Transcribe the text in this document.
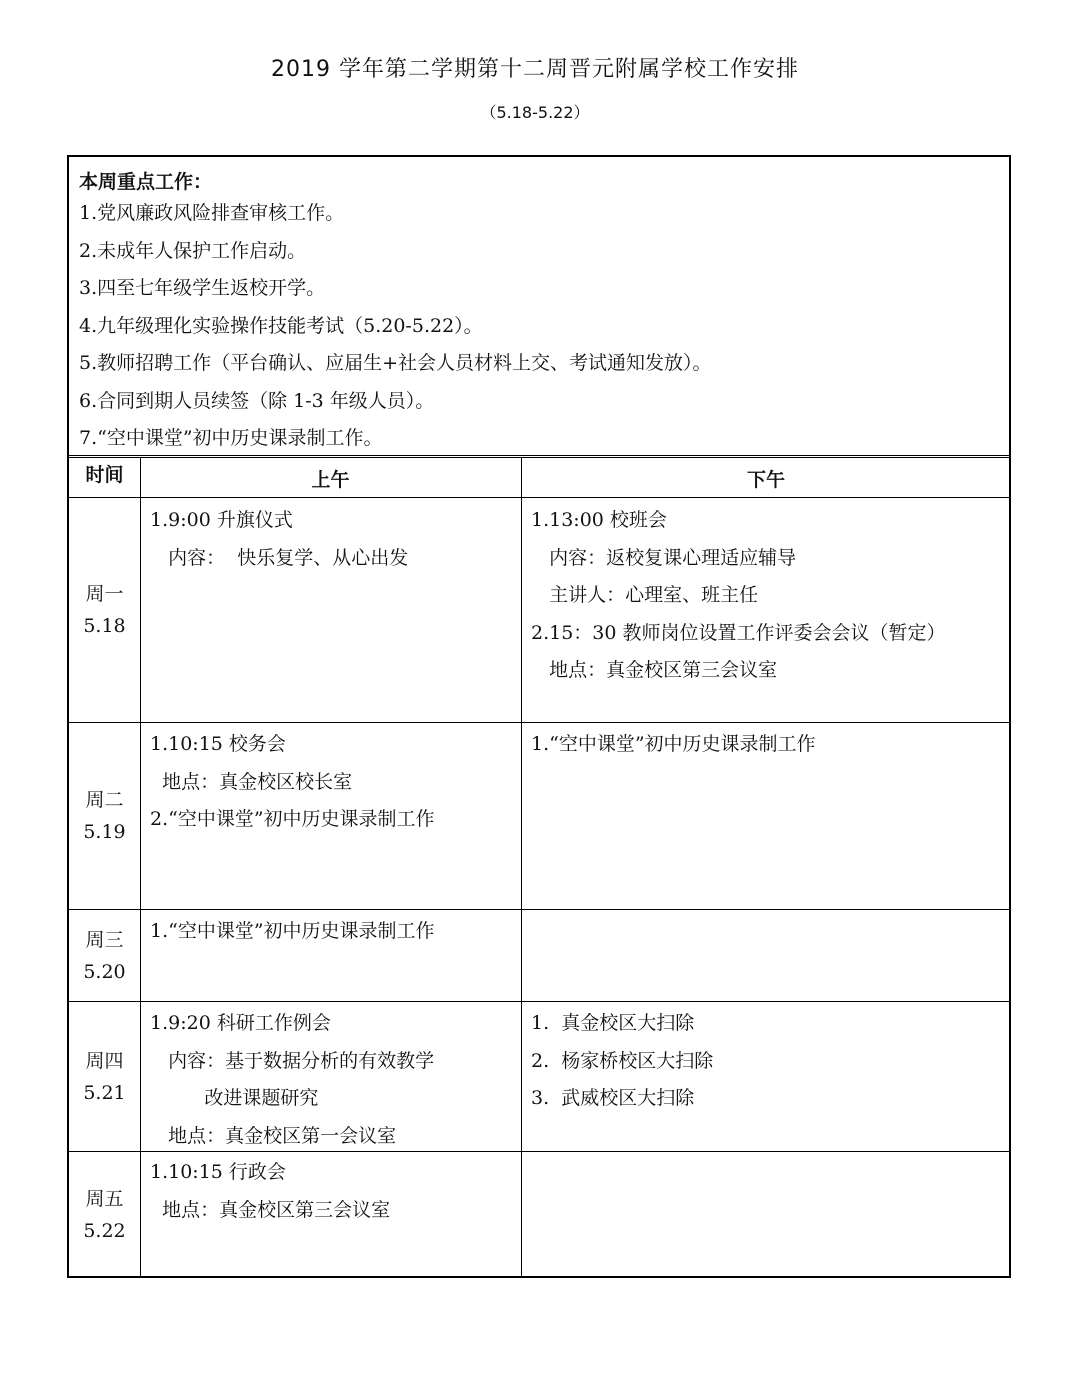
2019 学年第二学期第十二周晋元附属学校工作安排
（5.18-5.22）
本周重点工作：
1.党风廉政风险排查审核工作。
2.未成年人保护工作启动。
3.四至七年级学生返校开学。
4.九年级理化实验操作技能考试（5.20-5.22）。
5.教师招聘工作（平台确认、应届生+社会人员材料上交、考试通知发放）。
6.合同到期人员续签（除 1-3 年级人员）。
7.“空中课堂”初中历史课录制工作。
时间	上午	下午
周一
5.18
1.9:00 升旗仪式
内容：  快乐复学、从心出发
1.13:00 校班会
内容：返校复课心理适应辅导
主讲人：心理室、班主任
2.15：30 教师岗位设置工作评委会会议（暂定）
地点：真金校区第三会议室
周二
5.19
1.10:15 校务会
地点：真金校区校长室
2.“空中课堂”初中历史课录制工作
1.“空中课堂”初中历史课录制工作
周三
5.20
1.“空中课堂”初中历史课录制工作
周四
5.21
1.9:20 科研工作例会
内容：基于数据分析的有效教学
改进课题研究
地点：真金校区第一会议室
1.  真金校区大扫除
2.  杨家桥校区大扫除
3.  武威校区大扫除
周五
5.22
1.10:15 行政会
地点：真金校区第三会议室
